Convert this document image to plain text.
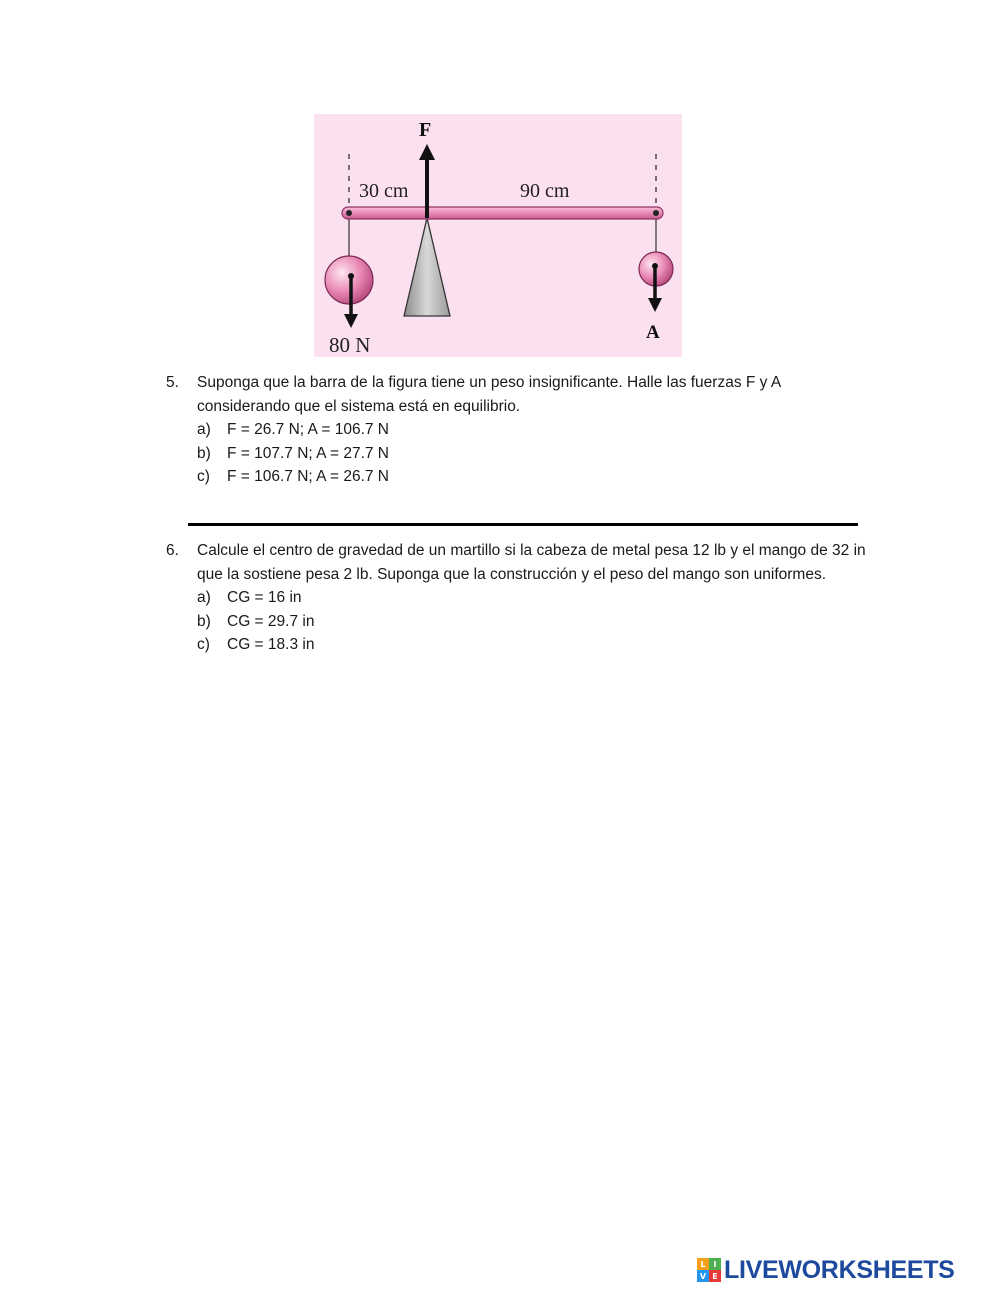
30 cm	90 cm
F
80 N
A
5.	Suponga que la barra de la figura tiene un peso insignificante. Halle las fuerzas F y A considerando que el sistema está en equilibrio.
a)	F = 26.7 N; A = 106.7 N
b)	F = 107.7 N; A = 27.7 N
c)	F = 106.7 N; A = 26.7 N
6.	Calcule el centro de gravedad de un martillo si la cabeza de metal pesa 12 lb y el mango de 32 in que la sostiene pesa 2 lb. Suponga que la construcción y el peso del mango son uniformes.
a)	CG = 16 in
b)	CG = 29.7 in
c)	CG = 18.3 in
L I
V E LIVEWORKSHEETS
